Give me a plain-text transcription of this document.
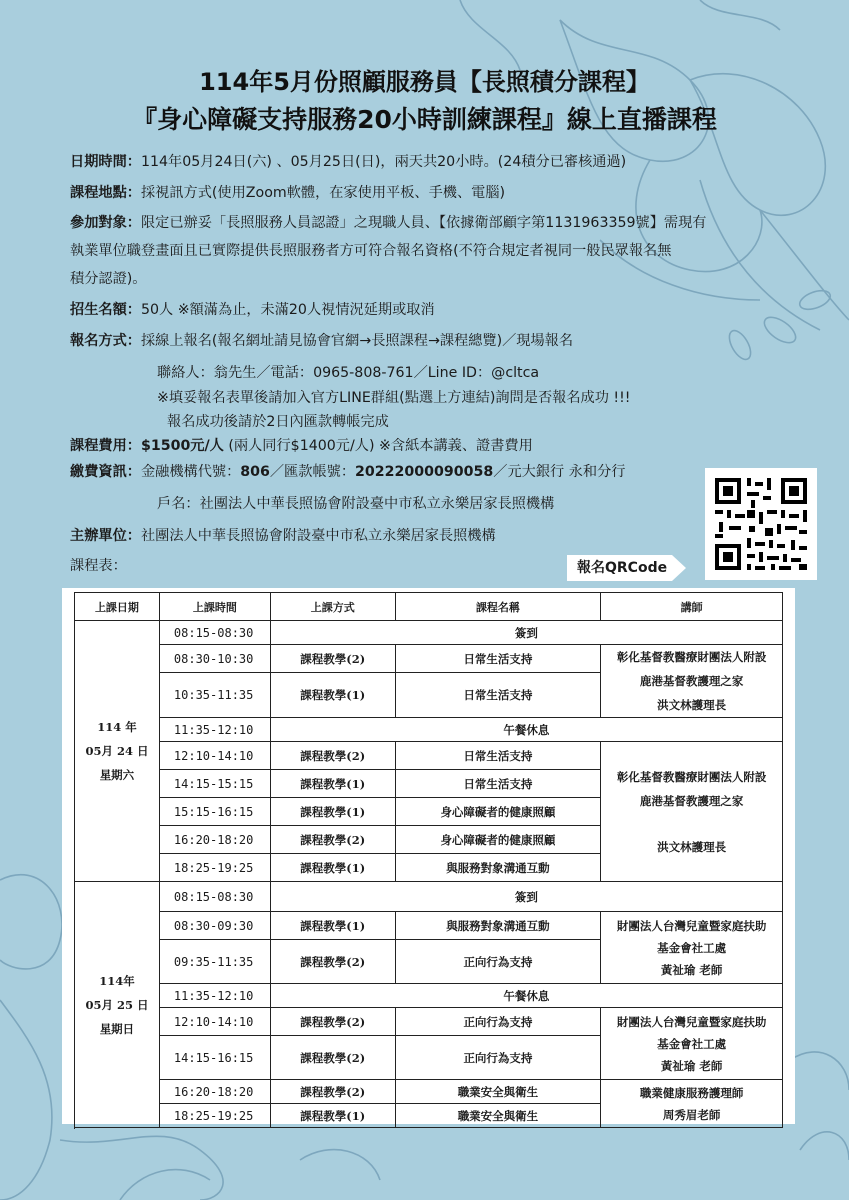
114年5月份照顧服務員【長照積分課程】
『身心障礙支持服務20小時訓練課程』線上直播課程
日期時間：114年05月24日(六) 、05月25日(日)，兩天共20小時。(24積分已審核通過)
課程地點：採視訊方式(使用Zoom軟體，在家使用平板、手機、電腦)
參加對象：限定已辦妥「長照服務人員認證」之現職人員、【依據衛部顧字第1131963359號】需現有
執業單位職登畫面且已實際提供長照服務者方可符合報名資格(不符合規定者視同一般民眾報名無
積分認證)。
招生名額：50人 ※額滿為止，未滿20人視情況延期或取消
報名方式：採線上報名(報名網址請見協會官網→長照課程→課程總覽)／現場報名
聯絡人：翁先生／電話：0965-808-761／Line ID：@cltca
※填妥報名表單後請加入官方LINE群組(點選上方連結)詢問是否報名成功 !!!
報名成功後請於2日內匯款轉帳完成
課程費用：$1500元/人 (兩人同行$1400元/人) ※含紙本講義、證書費用
繳費資訊：金融機構代號：806／匯款帳號：20222000090058／元大銀行 永和分行
戶名：社團法人中華長照協會附設臺中市私立永樂居家長照機構
主辦單位：社團法人中華長照協會附設臺中市私立永樂居家長照機構
課程表：	報名QRCode
上課日期	上課時間	上課方式	課程名稱	講師

114 年
05月 24 日
星期六	08:15-08:30	簽到		
	08:30-10:30	課程教學(2)	日常生活支持	彰化基督教醫療財團法人附設
鹿港基督教護理之家
洪文林護理長

	10:35-11:35	課程教學(1)	日常生活支持	
	11:35-12:10	午餐休息		
	12:10-14:10	課程教學(2)	日常生活支持	彰化基督教醫療財團法人附設
鹿港基督教護理之家
洪文林護理長

	14:15-15:15	課程教學(1)	日常生活支持	
	15:15-16:15	課程教學(1)	身心障礙者的健康照顧	
	16:20-18:20	課程教學(2)	身心障礙者的健康照顧	
	18:25-19:25	課程教學(1)	與服務對象溝通互動	

114年
05月 25 日
星期日	08:15-08:30	簽到		
	08:30-09:30	課程教學(1)	與服務對象溝通互動	財團法人台灣兒童暨家庭扶助
基金會社工處
黃祉瑜 老師

	09:35-11:35	課程教學(2)	正向行為支持	
	11:35-12:10	午餐休息		
	12:10-14:10	課程教學(2)	正向行為支持	財團法人台灣兒童暨家庭扶助
基金會社工處
黃祉瑜 老師

	14:15-16:15	課程教學(2)	正向行為支持	
	16:20-18:20	課程教學(2)	職業安全與衛生	職業健康服務護理師
周秀眉老師

	18:25-19:25	課程教學(1)	職業安全與衛生	
